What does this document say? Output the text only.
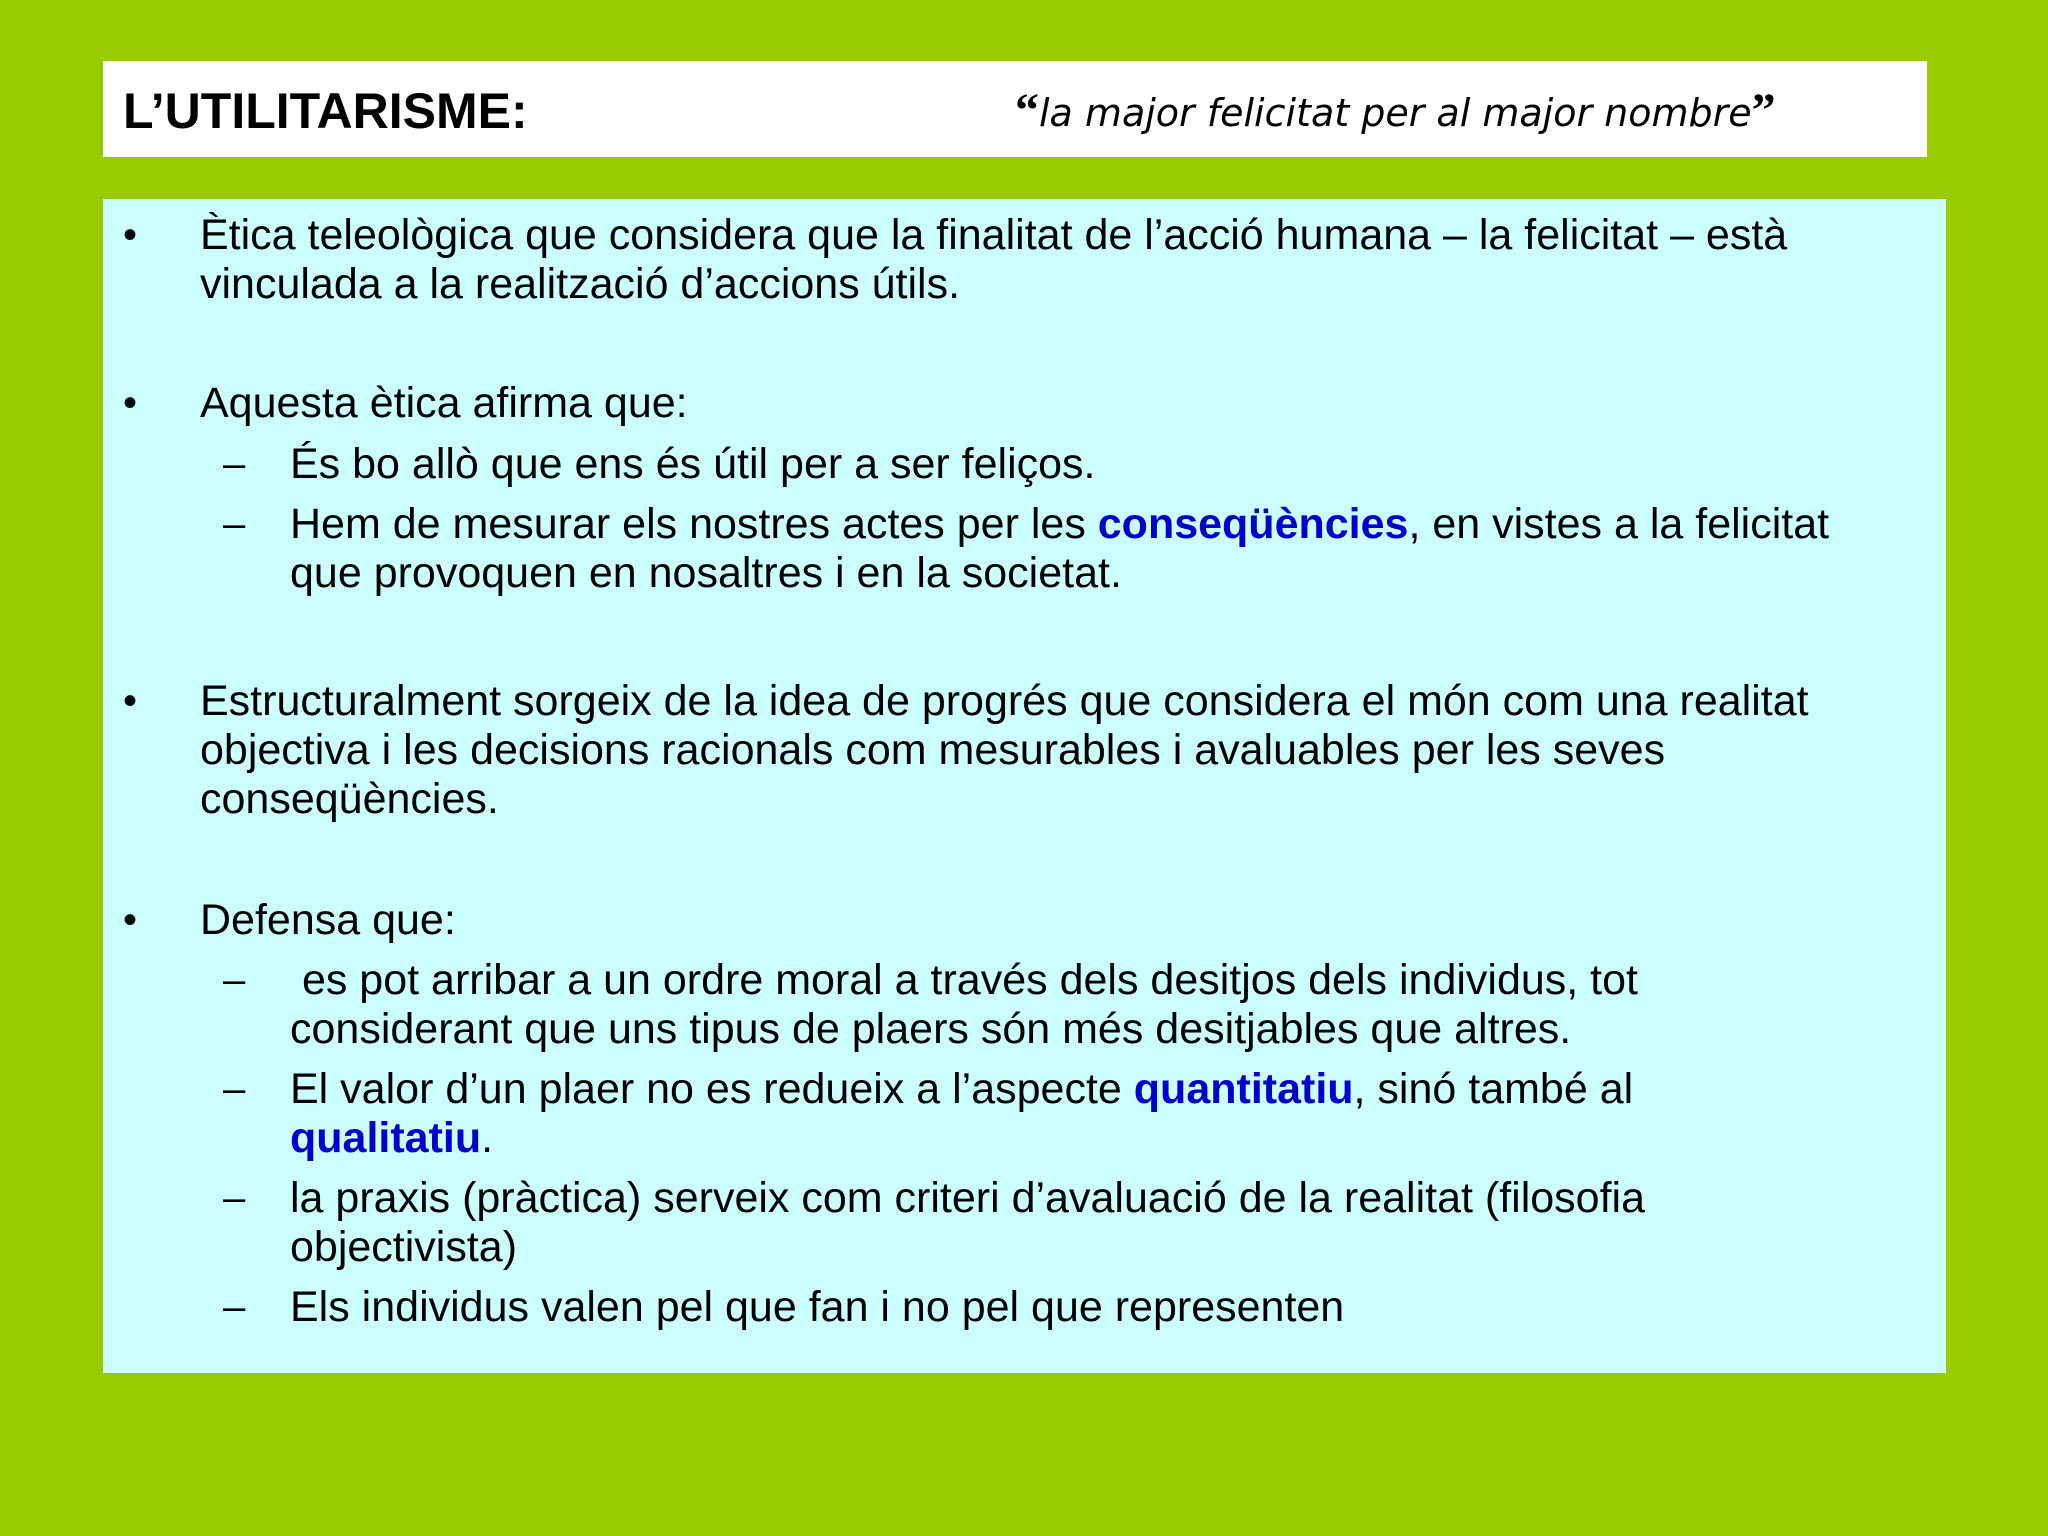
L’UTILITARISME:	“la major felicitat per al major nombre”
• Ètica teleològica que considera que la finalitat de l’acció humana – la felicitat – està
vinculada a la realització d’accions útils.
• Aquesta ètica afirma que:
– És bo allò que ens és útil per a ser feliços.
– Hem de mesurar els nostres actes per les conseqüències, en vistes a la felicitat
que provoquen en nosaltres i en la societat.
• Estructuralment sorgeix de la idea de progrés que considera el món com una realitat
objectiva i les decisions racionals com mesurables i avaluables per les seves
conseqüències.
• Defensa que:
– es pot arribar a un ordre moral a través dels desitjos dels individus, tot
considerant que uns tipus de plaers són més desitjables que altres.
– El valor d’un plaer no es redueix a l’aspecte quantitatiu, sinó també al
qualitatiu.
– la praxis (pràctica) serveix com criteri d’avaluació de la realitat (filosofia
objectivista)
– Els individus valen pel que fan i no pel que representen
